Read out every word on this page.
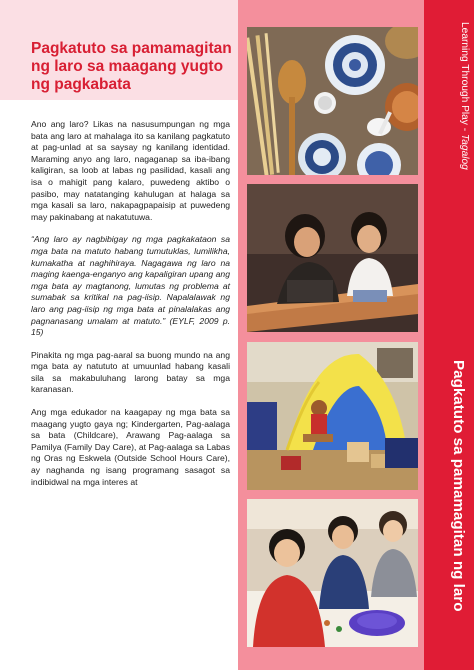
Pagkatuto sa pamamagitan ng laro sa maagang yugto ng pagkabata

Ano ang laro? Likas na nasusumpungan ng mga bata ang laro at mahalaga ito sa kanilang pagkatuto at pag-unlad at sa saysay ng kanilang identidad. Maraming anyo ang laro, nagaganap sa iba-ibang kaligiran, sa loob at labas ng pasilidad, kasali ang isa o mahigit pang kalaro, puwedeng aktibo o pasibo, may natatanging kahulugan at halaga sa mga kasali sa laro, nakapagpapaisip at puwedeng may pakinabang at nakatutuwa.

“Ang laro ay nagbibigay ng mga pagkakataon sa mga bata na matuto habang tumutuklas, lumilikha, kumakatha at naghihiraya. Nagagawa ng laro na maging kaenga-enganyo ang kapaligiran upang ang mga bata ay magtanong, lumutas ng problema at sumabak sa kritikal na pag-iisip. Napalalawak ng laro ang pag-iisip ng mga bata at pinalalakas ang pagnanasang umalam at matuto.” (EYLF, 2009 p. 15)

Pinakita ng mga pag-aaral sa buong mundo na ang mga bata ay natututo at umuunlad habang kasali sila sa makabuluhang larong batay sa mga karanasan.

Ang mga edukador na kaagapay ng mga bata sa maagang yugto gaya ng; Kindergarten, Pag-aalaga sa bata (Childcare), Arawang Pag-aalaga sa Pamilya (Family Day Care), at Pag-aalaga sa Labas ng Oras ng Eskwela (Outside School Hours Care), ay naghanda ng isang programang sasagot sa indibidwal na mga interes at

Learning Through Play - Tagalog
Pagkatuto sa pamamagitan ng laro
